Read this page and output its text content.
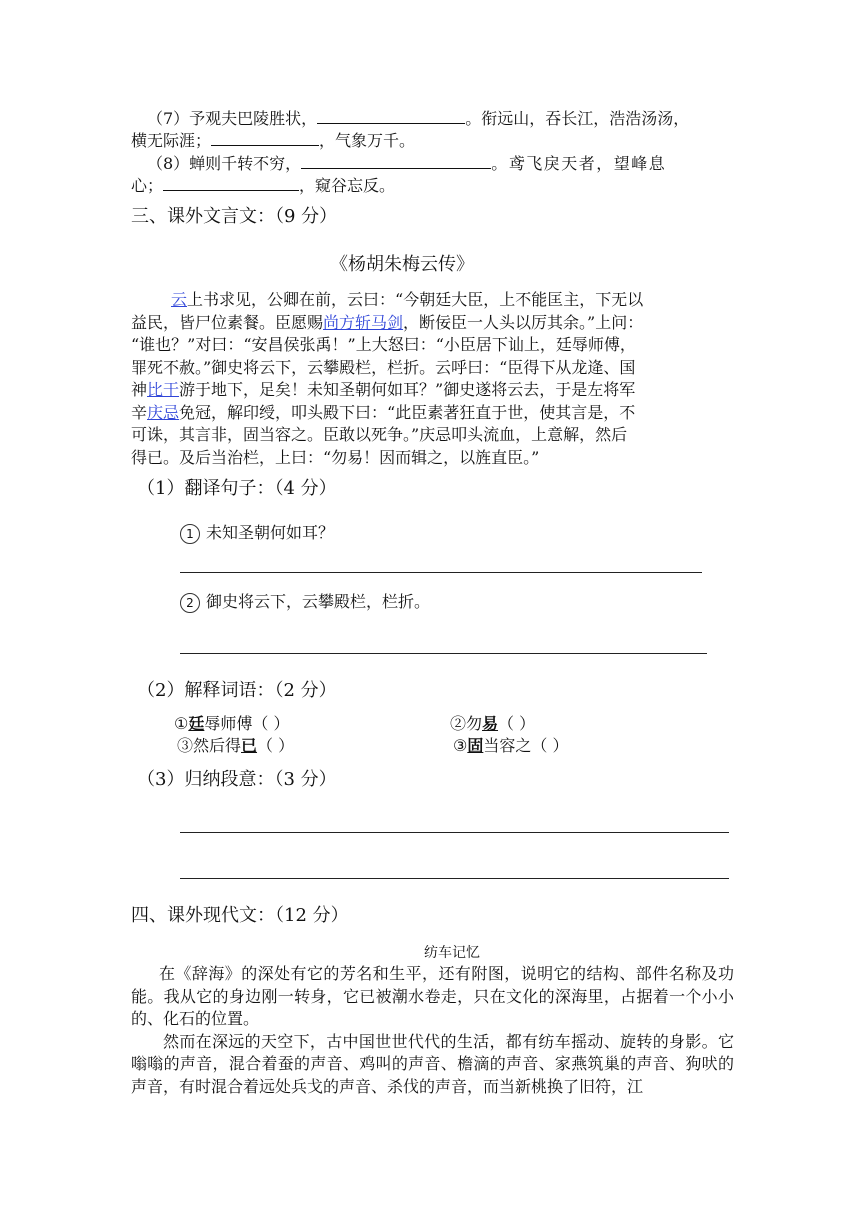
（7）予观夫巴陵胜状，	。衔远山，吞长江，浩浩汤汤，
横无际涯；	，气象万千。
（8）蝉则千转不穷，	。鸢飞戾天者，望峰息
心；	，窥谷忘反。
三、课外文言文：（9 分）
《杨胡朱梅云传》

云上书求见，公卿在前，云曰：“今朝廷大臣，上不能匡主，下无以

益民，皆尸位素餐。臣愿赐尚方斩马剑，断佞臣一人头以厉其余。”上问：

“谁也？”对曰：“安昌侯张禹！”上大怒曰：“小臣居下讪上，廷辱师傅，

罪死不赦。”御史将云下，云攀殿栏，栏折。云呼曰：“臣得下从龙逄、国

神比干游于地下，足矣！未知圣朝何如耳？”御史遂将云去，于是左将军

辛庆忌免冠，解印绶，叩头殿下曰：“此臣素著狂直于世，使其言是，不

可诛，其言非，固当容之。臣敢以死争。”庆忌叩头流血，上意解，然后

得已。及后当治栏，上曰：“勿易！因而辑之，以旌直臣。”

（1）翻译句子：（4 分）
1 未知圣朝何如耳？
2 御史将云下，云攀殿栏，栏折。
（2）解释词语：（2 分）
①廷辱师傅（ ）	②勿易（ ）
③然后得已（ ）	③固当容之（ ）
（3）归纳段意：（3 分）
四、课外现代文：（12 分）
纺车记忆

在《辞海》的深处有它的芳名和生平，还有附图，说明它的结构、部件名称及功能。我从它的身边刚一转身，它已被潮水卷走，只在文化的深海里，占据着一个小小的、化石的位置。

然而在深远的天空下，古中国世世代代的生活，都有纺车摇动、旋转的身影。它嗡嗡的声音，混合着蚕的声音、鸡叫的声音、檐滴的声音、家燕筑巢的声音、狗吠的声音，有时混合着远处兵戈的声音、杀伐的声音，而当新桃换了旧符，江
